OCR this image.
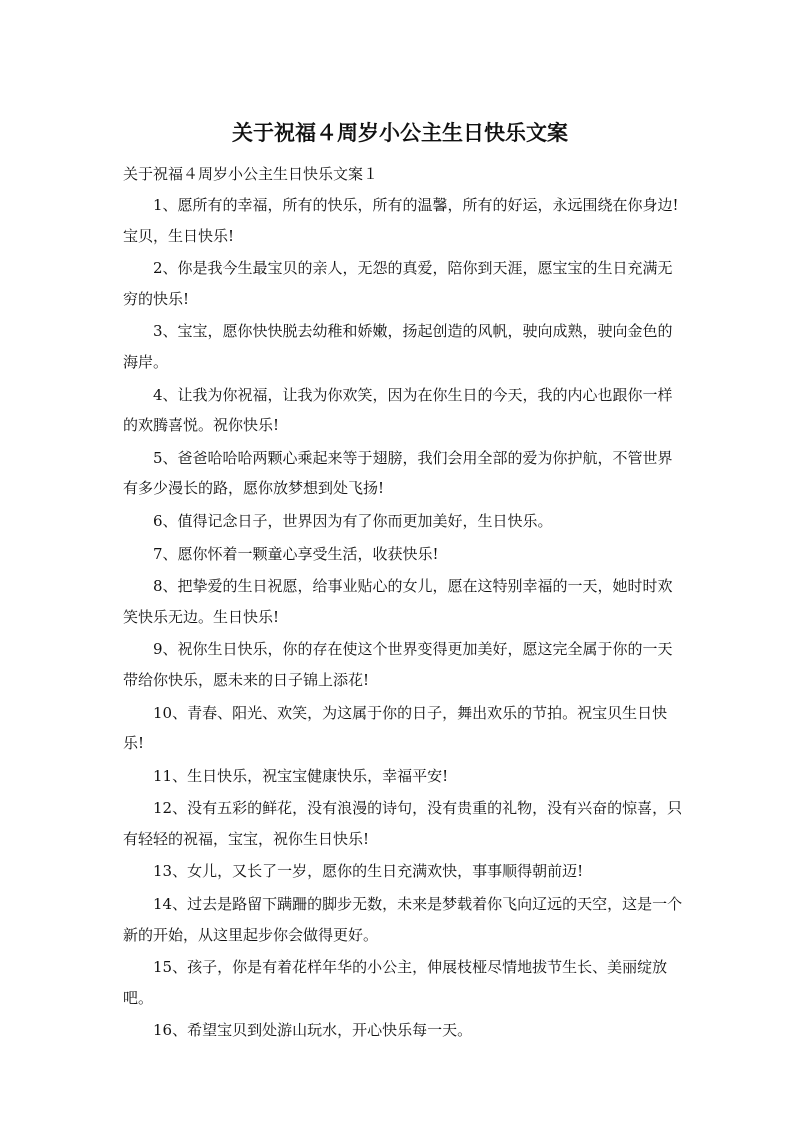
关于祝福４周岁小公主生日快乐文案

关于祝福４周岁小公主生日快乐文案１

1、愿所有的幸福，所有的快乐，所有的温馨，所有的好运，永远围绕在你身边!宝贝，生日快乐!
2、你是我今生最宝贝的亲人，无怨的真爱，陪你到天涯，愿宝宝的生日充满无穷的快乐!
3、宝宝，愿你快快脱去幼稚和娇嫩，扬起创造的风帆，驶向成熟，驶向金色的海岸。
4、让我为你祝福，让我为你欢笑，因为在你生日的今天，我的内心也跟你一样的欢腾喜悦。祝你快乐!
5、爸爸哈哈哈两颗心乘起来等于翅膀，我们会用全部的爱为你护航，不管世界有多少漫长的路，愿你放梦想到处飞扬!
6、值得记念日子，世界因为有了你而更加美好，生日快乐。
7、愿你怀着一颗童心享受生活，收获快乐!
8、把挚爱的生日祝愿，给事业贴心的女儿，愿在这特别幸福的一天，她时时欢笑快乐无边。生日快乐!
9、祝你生日快乐，你的存在使这个世界变得更加美好，愿这完全属于你的一天带给你快乐，愿未来的日子锦上添花!
10、青春、阳光、欢笑，为这属于你的日子，舞出欢乐的节拍。祝宝贝生日快乐!
11、生日快乐，祝宝宝健康快乐，幸福平安!
12、没有五彩的鲜花，没有浪漫的诗句，没有贵重的礼物，没有兴奋的惊喜，只有轻轻的祝福，宝宝，祝你生日快乐!
13、女儿，又长了一岁，愿你的生日充满欢快，事事顺得朝前迈!
14、过去是路留下蹒跚的脚步无数，未来是梦载着你飞向辽远的天空，这是一个新的开始，从这里起步你会做得更好。
15、孩子，你是有着花样年华的小公主，伸展枝桠尽情地拔节生长、美丽绽放吧。
16、希望宝贝到处游山玩水，开心快乐每一天。
